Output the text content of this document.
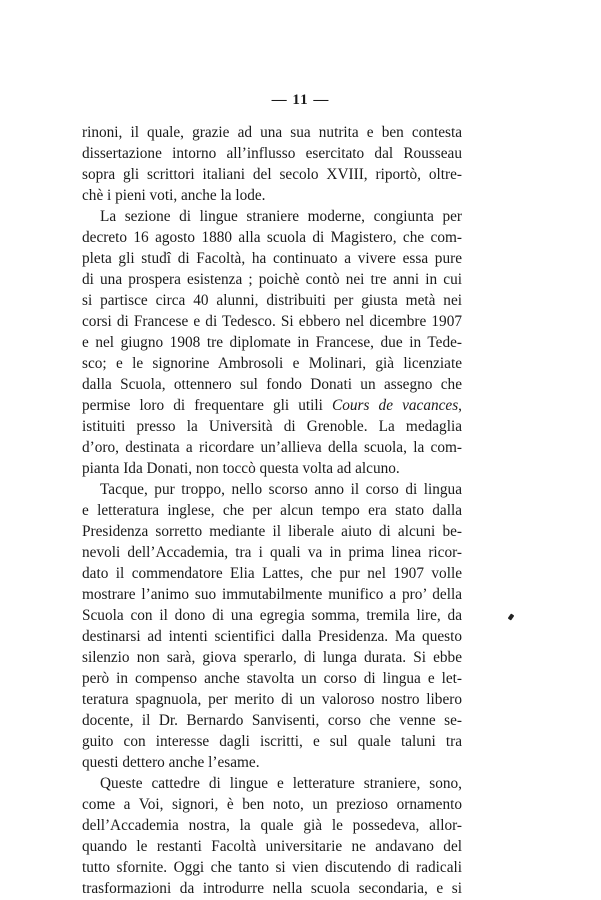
— 11 —
rinoni, il quale, grazie ad una sua nutrita e ben contesta
dissertazione intorno all’influsso esercitato dal Rousseau
sopra gli scrittori italiani del secolo XVIII, riportò, oltre-
chè i pieni voti, anche la lode.
La sezione di lingue straniere moderne, congiunta per
decreto 16 agosto 1880 alla scuola di Magistero, che com-
pleta gli studî di Facoltà, ha continuato a vivere essa pure
di una prospera esistenza ; poichè contò nei tre anni in cui
si partisce circa 40 alunni, distribuiti per giusta metà nei
corsi di Francese e di Tedesco. Si ebbero nel dicembre 1907
e nel giugno 1908 tre diplomate in Francese, due in Tede-
sco; e le signorine Ambrosoli e Molinari, già licenziate
dalla Scuola, ottennero sul fondo Donati un assegno che
permise loro di frequentare gli utili Cours de vacances,
istituiti presso la Università di Grenoble. La medaglia
d’oro, destinata a ricordare un’allieva della scuola, la com-
pianta Ida Donati, non toccò questa volta ad alcuno.
Tacque, pur troppo, nello scorso anno il corso di lingua
e letteratura inglese, che per alcun tempo era stato dalla
Presidenza sorretto mediante il liberale aiuto di alcuni be-
nevoli dell’Accademia, tra i quali va in prima linea ricor-
dato il commendatore Elia Lattes, che pur nel 1907 volle
mostrare l’animo suo immutabilmente munifico a pro’ della
Scuola con il dono di una egregia somma, tremila lire, da
destinarsi ad intenti scientifici dalla Presidenza. Ma questo
silenzio non sarà, giova sperarlo, di lunga durata. Si ebbe
però in compenso anche stavolta un corso di lingua e let-
teratura spagnuola, per merito di un valoroso nostro libero
docente, il Dr. Bernardo Sanvisenti, corso che venne se-
guito con interesse dagli iscritti, e sul quale taluni tra
questi dettero anche l’esame.
Queste cattedre di lingue e letterature straniere, sono,
come a Voi, signori, è ben noto, un prezioso ornamento
dell’Accademia nostra, la quale già le possedeva, allor-
quando le restanti Facoltà universitarie ne andavano del
tutto sfornite. Oggi che tanto si vien discutendo di radicali
trasformazioni da introdurre nella scuola secondaria, e si
